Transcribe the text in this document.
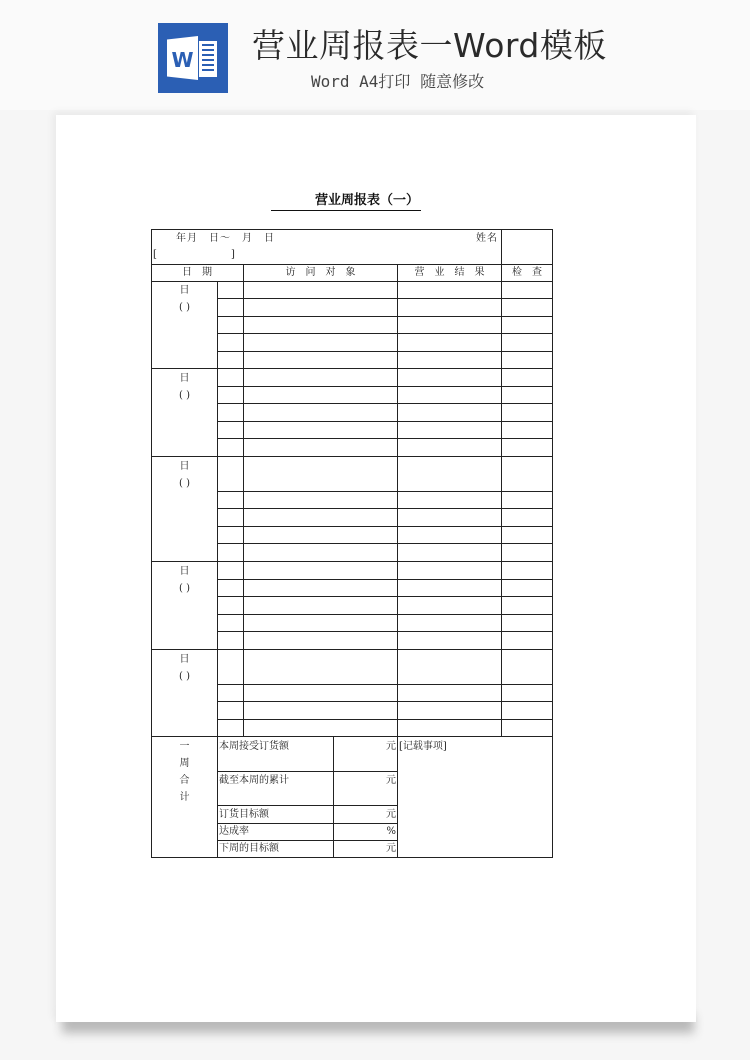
W 营业周报表一Word模板
Word A4打印 随意修改
营业周报表（一）
年月　日～　月　日
[	]
姓名
日　期	访　问　对　象	营　业　结　果	检　查
日
( )
日
( )
日
( )
日
( )
日
( )
一
周
合
计
本周接受订货额	元
截至本周的累计	元
订货目标额	元
达成率	%
下周的目标额	元
[记载事项]
